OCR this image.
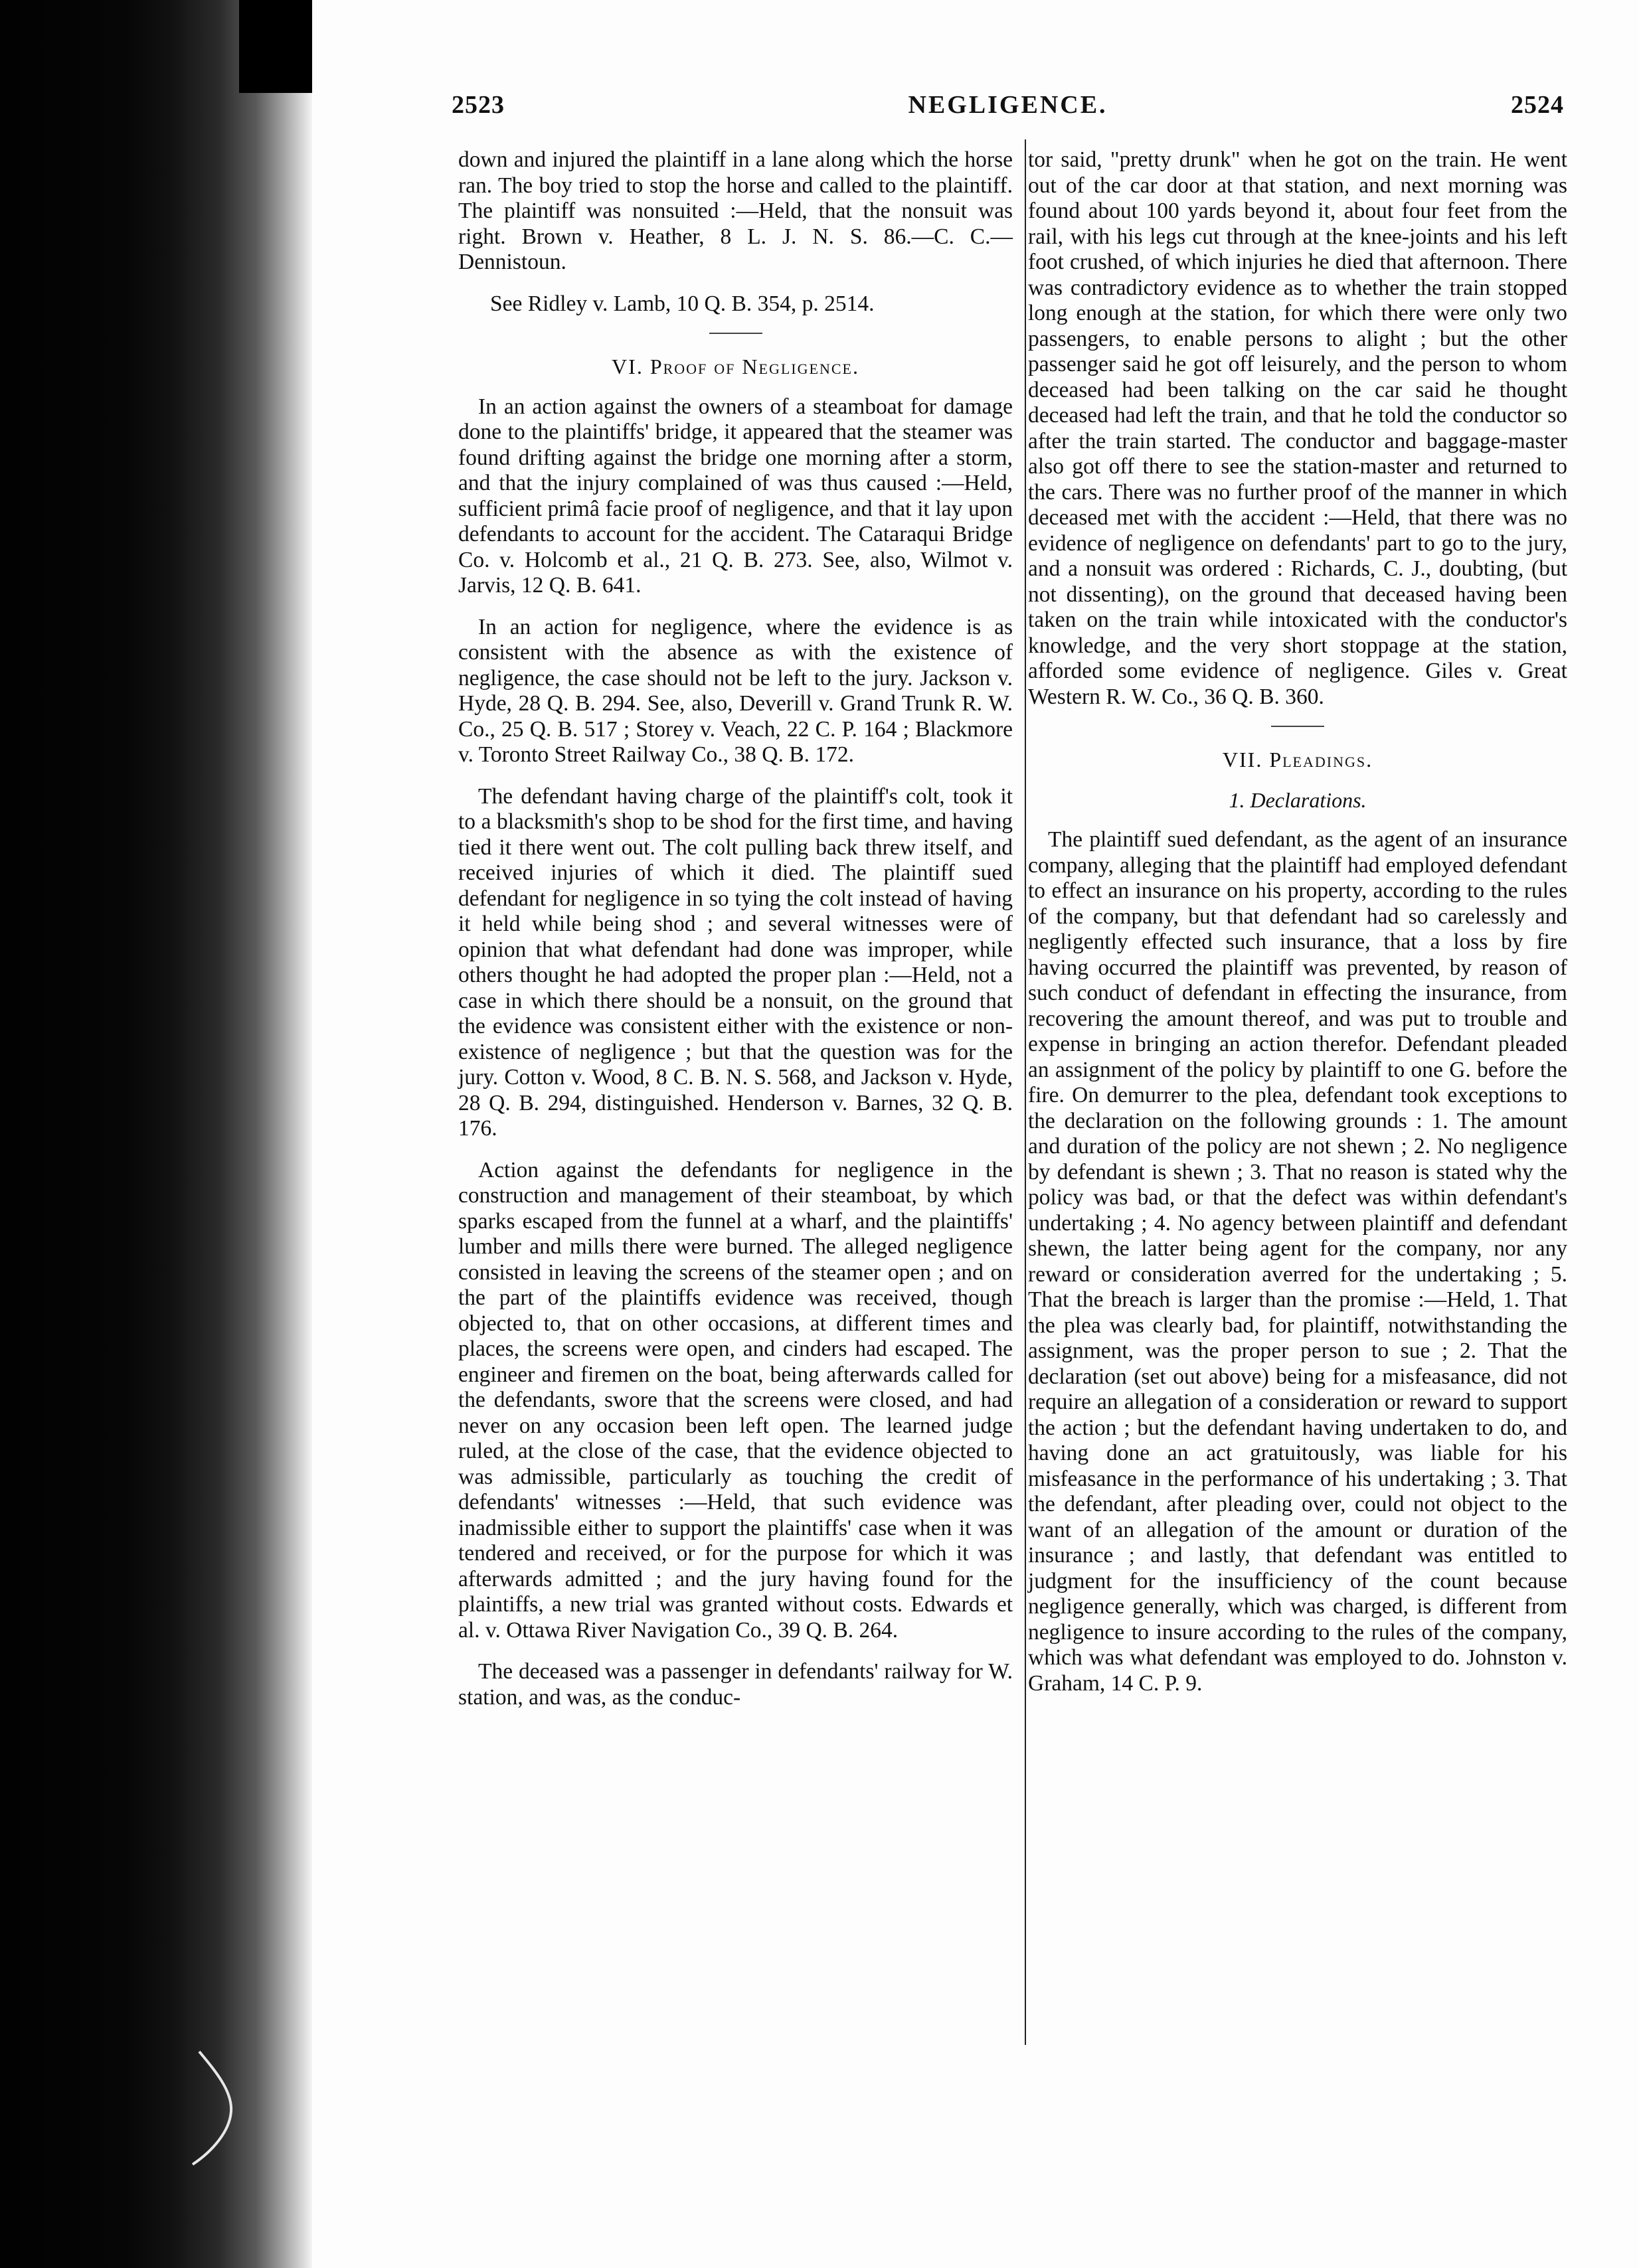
2523	NEGLIGENCE.	2524

down and injured the plaintiff in a lane along which the horse ran. The boy tried to stop the horse and called to the plaintiff. The plaintiff was nonsuited :—Held, that the nonsuit was right. Brown v. Heather, 8 L. J. N. S. 86.—C. C.—Dennistoun.

See Ridley v. Lamb, 10 Q. B. 354, p. 2514.

VI. Proof of Negligence.

In an action against the owners of a steamboat for damage done to the plaintiffs' bridge, it appeared that the steamer was found drifting against the bridge one morning after a storm, and that the injury complained of was thus caused :—Held, sufficient primâ facie proof of negligence, and that it lay upon defendants to account for the accident. The Cataraqui Bridge Co. v. Holcomb et al., 21 Q. B. 273. See, also, Wilmot v. Jarvis, 12 Q. B. 641.

In an action for negligence, where the evidence is as consistent with the absence as with the existence of negligence, the case should not be left to the jury. Jackson v. Hyde, 28 Q. B. 294. See, also, Deverill v. Grand Trunk R. W. Co., 25 Q. B. 517 ; Storey v. Veach, 22 C. P. 164 ; Blackmore v. Toronto Street Railway Co., 38 Q. B. 172.

The defendant having charge of the plaintiff's colt, took it to a blacksmith's shop to be shod for the first time, and having tied it there went out. The colt pulling back threw itself, and received injuries of which it died. The plaintiff sued defendant for negligence in so tying the colt instead of having it held while being shod ; and several witnesses were of opinion that what defendant had done was improper, while others thought he had adopted the proper plan :—Held, not a case in which there should be a nonsuit, on the ground that the evidence was consistent either with the existence or non-existence of negligence ; but that the question was for the jury. Cotton v. Wood, 8 C. B. N. S. 568, and Jackson v. Hyde, 28 Q. B. 294, distinguished. Henderson v. Barnes, 32 Q. B. 176.

Action against the defendants for negligence in the construction and management of their steamboat, by which sparks escaped from the funnel at a wharf, and the plaintiffs' lumber and mills there were burned. The alleged negligence consisted in leaving the screens of the steamer open ; and on the part of the plaintiffs evidence was received, though objected to, that on other occasions, at different times and places, the screens were open, and cinders had escaped. The engineer and firemen on the boat, being afterwards called for the defendants, swore that the screens were closed, and had never on any occasion been left open. The learned judge ruled, at the close of the case, that the evidence objected to was admissible, particularly as touching the credit of defendants' witnesses :—Held, that such evidence was inadmissible either to support the plaintiffs' case when it was tendered and received, or for the purpose for which it was afterwards admitted ; and the jury having found for the plaintiffs, a new trial was granted without costs. Edwards et al. v. Ottawa River Navigation Co., 39 Q. B. 264.

The deceased was a passenger in defendants' railway for W. station, and was, as the conduc-

tor said, "pretty drunk" when he got on the train. He went out of the car door at that station, and next morning was found about 100 yards beyond it, about four feet from the rail, with his legs cut through at the knee-joints and his left foot crushed, of which injuries he died that afternoon. There was contradictory evidence as to whether the train stopped long enough at the station, for which there were only two passengers, to enable persons to alight ; but the other passenger said he got off leisurely, and the person to whom deceased had been talking on the car said he thought deceased had left the train, and that he told the conductor so after the train started. The conductor and baggage-master also got off there to see the station-master and returned to the cars. There was no further proof of the manner in which deceased met with the accident :—Held, that there was no evidence of negligence on defendants' part to go to the jury, and a nonsuit was ordered : Richards, C. J., doubting, (but not dissenting), on the ground that deceased having been taken on the train while intoxicated with the conductor's knowledge, and the very short stoppage at the station, afforded some evidence of negligence. Giles v. Great Western R. W. Co., 36 Q. B. 360.

VII. Pleadings.
1. Declarations.

The plaintiff sued defendant, as the agent of an insurance company, alleging that the plaintiff had employed defendant to effect an insurance on his property, according to the rules of the company, but that defendant had so carelessly and negligently effected such insurance, that a loss by fire having occurred the plaintiff was prevented, by reason of such conduct of defendant in effecting the insurance, from recovering the amount thereof, and was put to trouble and expense in bringing an action therefor. Defendant pleaded an assignment of the policy by plaintiff to one G. before the fire. On demurrer to the plea, defendant took exceptions to the declaration on the following grounds : 1. The amount and duration of the policy are not shewn ; 2. No negligence by defendant is shewn ; 3. That no reason is stated why the policy was bad, or that the defect was within defendant's undertaking ; 4. No agency between plaintiff and defendant shewn, the latter being agent for the company, nor any reward or consideration averred for the undertaking ; 5. That the breach is larger than the promise :—Held, 1. That the plea was clearly bad, for plaintiff, notwithstanding the assignment, was the proper person to sue ; 2. That the declaration (set out above) being for a misfeasance, did not require an allegation of a consideration or reward to support the action ; but the defendant having undertaken to do, and having done an act gratuitously, was liable for his misfeasance in the performance of his undertaking ; 3. That the defendant, after pleading over, could not object to the want of an allegation of the amount or duration of the insurance ; and lastly, that defendant was entitled to judgment for the insufficiency of the count because negligence generally, which was charged, is different from negligence to insure according to the rules of the company, which was what defendant was employed to do. Johnston v. Graham, 14 C. P. 9.
